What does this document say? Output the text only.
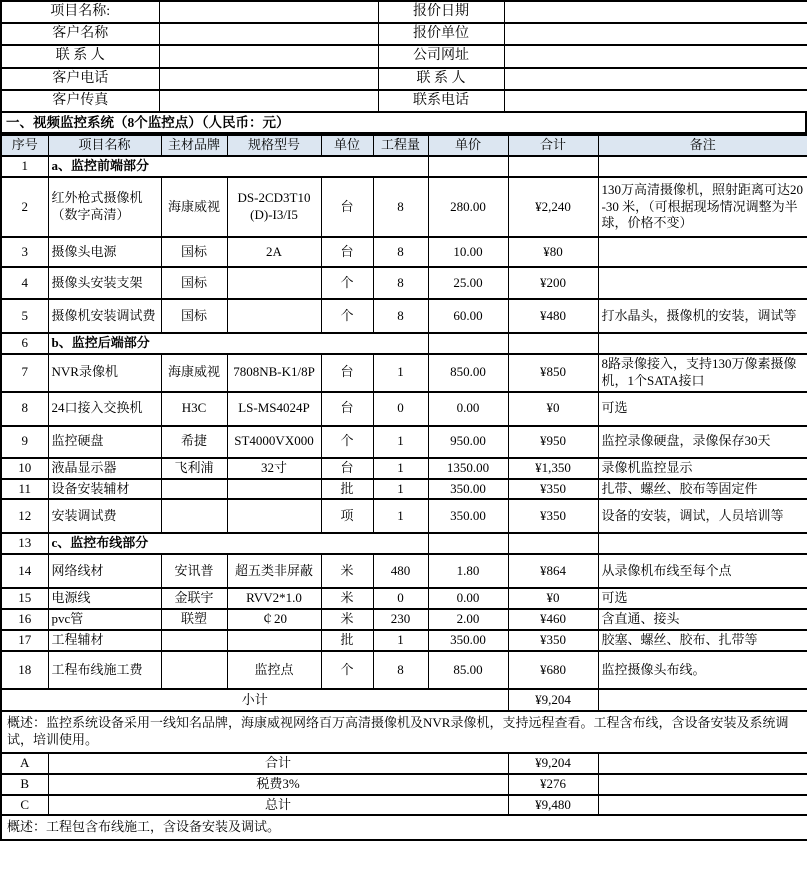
项目名称:		报价日期	
客户名称		报价单位	
联 系 人		公司网址	
客户电话		联 系 人	
客户传真		联系电话	
一、视频监控系统（8个监控点）（人民币：元）
序号	项目名称	主材品牌	规格型号	单位	工程量	单价	合计	备注
1	a、监控前端部分							
2	红外枪式摄像机（数字高清）	海康威视	DS-2CD3T10(D)-I3/I5	台	8	280.00	¥2,240	130万高清摄像机，照射距离可达20-30 米，（可根据现场情况调整为半球，价格不变）
3	摄像头电源	国标	2A	台	8	10.00	¥80	
4	摄像头安装支架	国标		个	8	25.00	¥200	
5	摄像机安装调试费	国标		个	8	60.00	¥480	打水晶头，摄像机的安装，调试等
6	b、监控后端部分							
7	NVR录像机	海康威视	7808NB-K1/8P	台	1	850.00	¥850	8路录像接入，支持130万像素摄像机，1个SATA接口
8	24口接入交换机	H3C	LS-MS4024P	台	0	0.00	¥0	可选
9	监控硬盘	希捷	ST4000VX000	个	1	950.00	¥950	监控录像硬盘，录像保存30天
10	液晶显示器	飞利浦	32寸	台	1	1350.00	¥1,350	录像机监控显示
11	设备安装辅材			批	1	350.00	¥350	扎带、螺丝、胶布等固定件
12	安装调试费			项	1	350.00	¥350	设备的安装，调试，人员培训等
13	c、监控布线部分							
14	网络线材	安讯普	超五类非屏蔽	米	480	1.80	¥864	从录像机布线至每个点
15	电源线	金联宇	RVV2*1.0	米	0	0.00	¥0	可选
16	pvc管	联塑	￠20	米	230	2.00	¥460	含直通、接头
17	工程辅材			批	1	350.00	¥350	胶塞、螺丝、胶布、扎带等
18	工程布线施工费		监控点	个	8	85.00	¥680	监控摄像头布线。
小计							¥9,204	
概述：监控系统设备采用一线知名品牌，海康威视网络百万高清摄像机及NVR录像机，支持远程查看。工程含布线，含设备安装及系统调试，培训使用。								
A	合计						¥9,204	
B	税费3%						¥276	
C	总计						¥9,480	
概述：工程包含布线施工，含设备安装及调试。								
